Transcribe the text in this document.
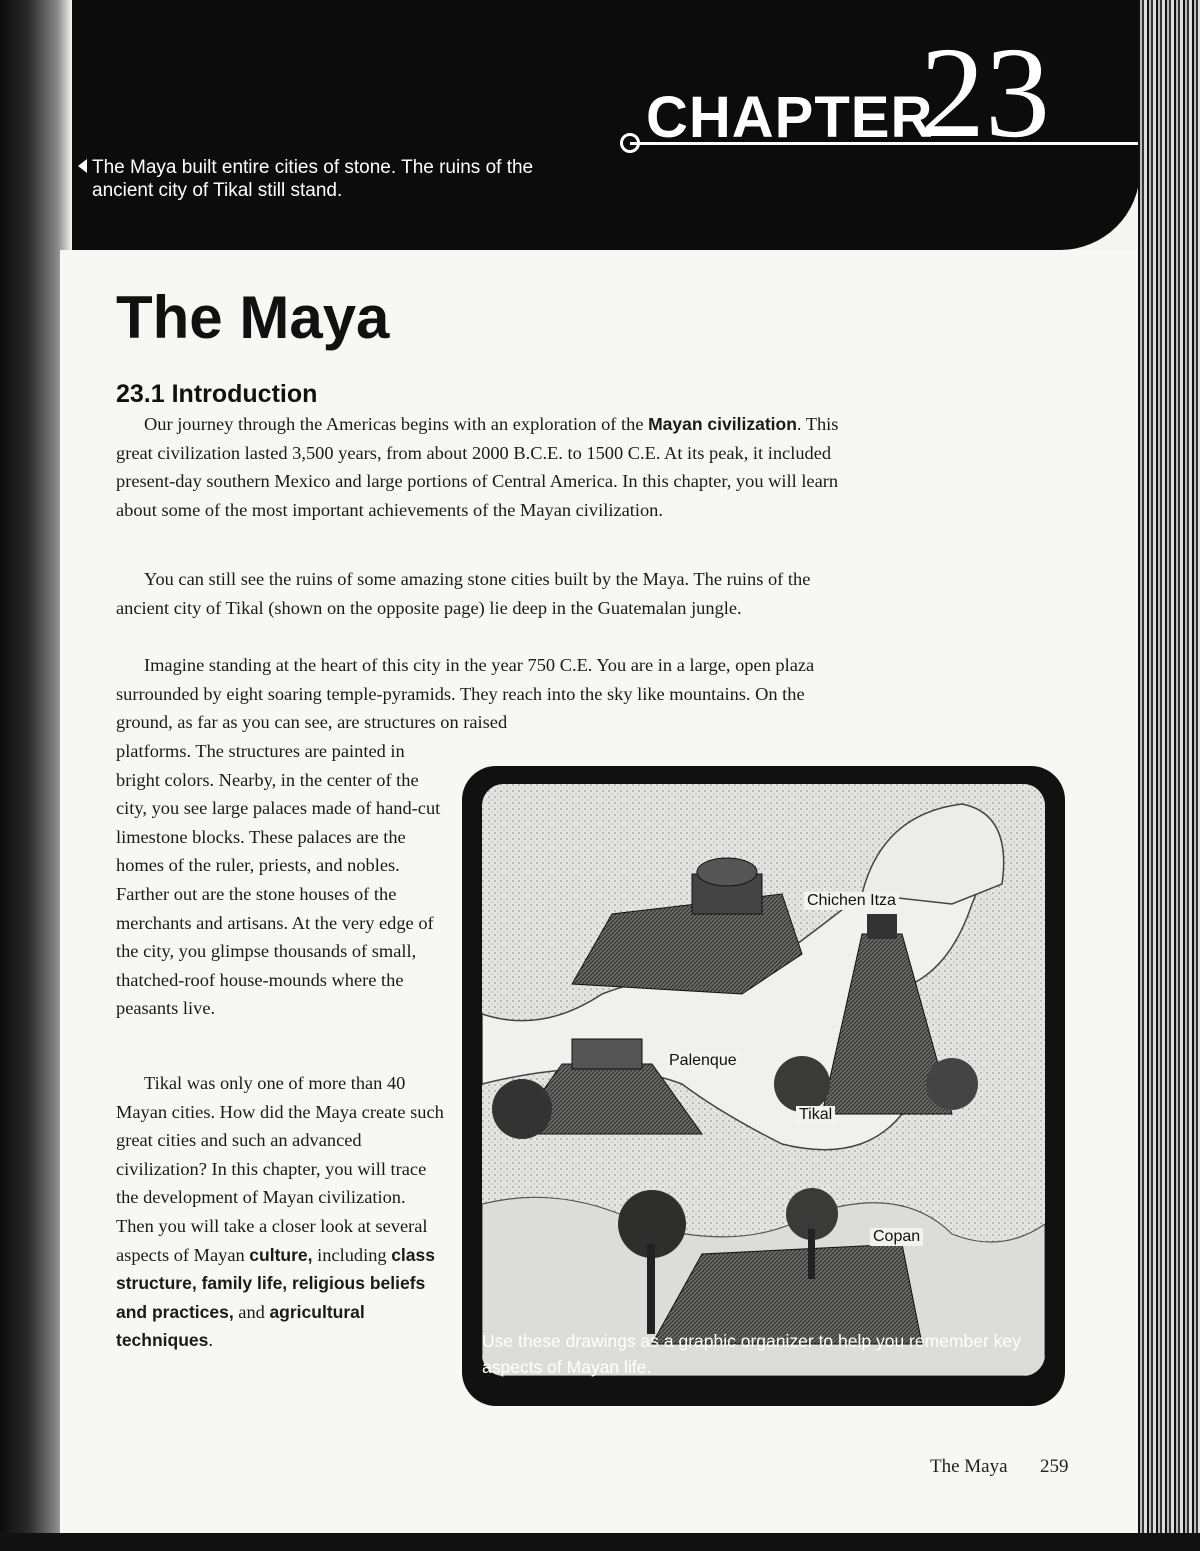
CHAPTER
23
The Maya built entire cities of stone. The ruins of the ancient city of Tikal still stand.
The Maya
23.1 Introduction

Our journey through the Americas begins with an exploration of the Mayan civilization. This great civilization lasted 3,500 years, from about 2000 B.C.E. to 1500 C.E. At its peak, it included present-day southern Mexico and large portions of Central America. In this chapter, you will learn about some of the most important achievements of the Mayan civilization.

You can still see the ruins of some amazing stone cities built by the Maya. The ruins of the ancient city of Tikal (shown on the opposite page) lie deep in the Guatemalan jungle.

Imagine standing at the heart of this city in the year 750 C.E. You are in a large, open plaza surrounded by eight soaring temple-pyramids. They reach into the sky like mountains. On the ground, as far as you can see, are structures on raised

platforms. The structures are painted in bright colors. Nearby, in the center of the city, you see large palaces made of hand-cut limestone blocks. These palaces are the homes of the ruler, priests, and nobles. Farther out are the stone houses of the merchants and artisans. At the very edge of the city, you glimpse thousands of small, thatched-roof house-mounds where the peasants live.

Tikal was only one of more than 40 Mayan cities. How did the Maya create such great cities and such an advanced civilization? In this chapter, you will trace the development of Mayan civilization. Then you will take a closer look at several aspects of Mayan culture, including class structure, family life, religious beliefs and practices, and agricultural techniques.

Chichen Itza
Palenque
Tikal
Copan
Use these drawings as a graphic organizer to help you remember key aspects of Mayan life.
The Maya 259
